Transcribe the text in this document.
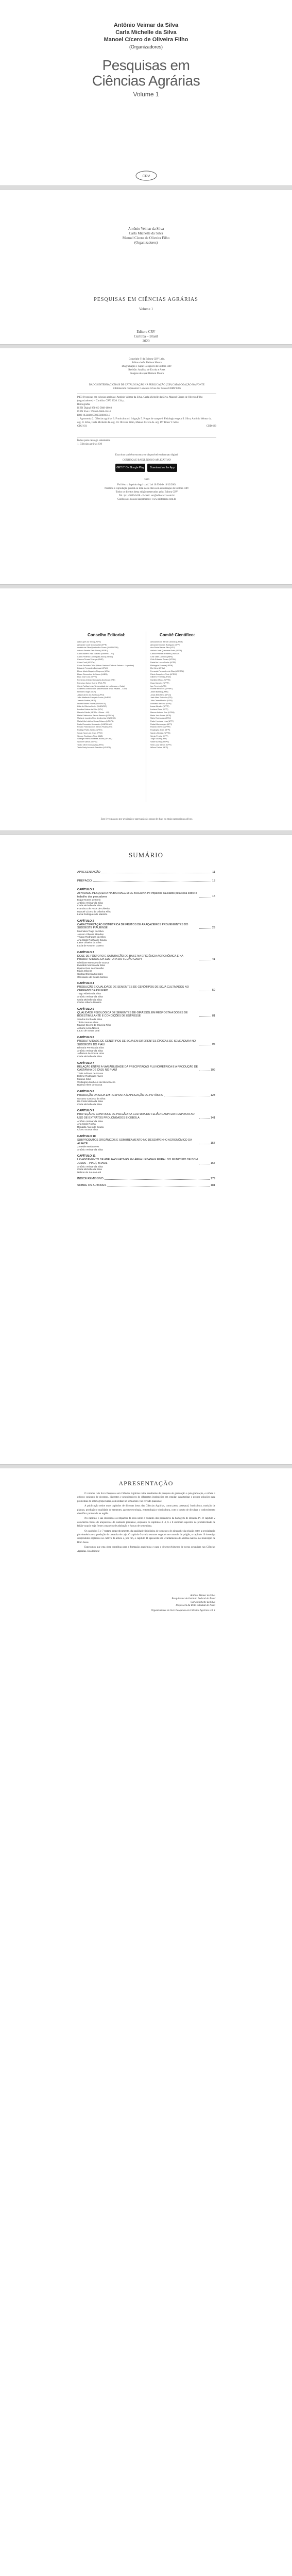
Antônio Veimar da Silva
Carla Michelle da Silva
Manoel Cícero de Oliveira Filho
(Organizadores)
Pesquisas em
Ciências Agrárias
Volume 1
CRV
Antônio Veimar da Silva
Carla Michelle da Silva
Manoel Cícero de Oliveira Filho
(Organizadores)
PESQUISAS EM CIÊNCIAS AGRÁRIAS
Volume 1
Editora CRV
Curitiba – Brasil
2020
Copyright © da Editora CRV Ltda.
Editor-chefe: Railson Moura
Diagramação e Capa: Designers da Editora CRV
Revisão: Analista de Escrita e Artes
Imagens de capa: Railson Moura
DADOS INTERNACIONAIS DE CATALOGAÇÃO NA PUBLICAÇÃO (CIP) CATALOGAÇÃO NA FONTE
Bibliotecária responsável: Luzenira Alves dos Santos CRB9/1506
P473 Pesquisas em ciências agrárias / Antônio Veimar da Silva, Carla Michelle da Silva, Manoel Cícero de Oliveira Filho (organizadores) – Curitiba: CRV, 2020. 134 p.
Bibliografia
ISBN Digital 978-65-5868-100-8
ISBN Físico 978-65-5868-101-5
DOI 10.24824/978655868101.5
1. Agronomia 2. Ciências agrárias 3. Fruticultura 4. Irrigação 5. Pragas de campo 6. Fisiologia vegetal I. Silva, Antônio Veimar da. org. II. Silva, Carla Michelle da. org. III. Oliveira Filho, Manoel Cícero de. org. IV. Título V. Série.
CDU 631	CDD 630
Índice para catálogo sistemático
1. Ciências agrárias 630
Esta obra também encontra-se disponível em formato digital.
CONHEÇA E BAIXE NOSSO APLICATIVO!
GET IT ON Google Play	Download on the App Store
2020
Foi feito o depósito legal conf. Lei 10.994 de 14/12/2004
Proibida a reprodução parcial ou total desta obra sem autorização da Editora CRV
Todos os direitos desta edição reservados pela: Editora CRV
Tel.: (41) 3039-6418 - E-mail: sac@editoracrv.com.br
Conheça os nossos lançamentos: www.editoracrv.com.br
Conselho Editorial:	Comitê Científico:
Aldo Lopes da Silva (UNIFE)
Alexandre José Schumacher (IFPR)
Andréia da Silva Quintanilha Sousa (UNIR/UFRN)
Antonio Pereira Gaio Júnior (UFRRJ)
Carlos Alberto Vilar Estêvão (UMINHO – PT)
Carlos Federico Dominguez Avila (Unieuro)
Carmen Tereza Velanga (UNIR)
Celso Conti (UFSCar)
Cesar Gerónimo Tello (Univer. Nacional Três de Febrero – Argentina)
Eduardo Fernandes Barbosa (UFMG)
Elione Maria Nogueira Diogenes (UFAL)
Elizeu Clementino de Souza (UNEB)
Élsio José Corá (UFFS)
Fernando Antônio Gonçalves Alcoforado (IPB)
Francisco Carlos Duarte (PUC-PR)
Gloria Fariñas León (Universidade de La Havana – Cuba)
Guillermo Arias Beatón (Universidade de La Havana – Cuba)
Helmuth Krüger (UCP)
Jailson Alves dos Santos (UFRJ)
João Adalberto Campato Junior (UNESP)
Josania Portela (UFPI)
Leonel Severo Rocha (UNISINOS)
Lídia de Oliveira Xavier (UNIEURO)
Lourdes Helena da Silva (UFV)
Marcelo Paixão (UFRJ e UTexas – US)
Maria Cristina dos Santos Bezerra (UFSCar)
Maria de Lourdes Pinto de Almeida (UNOESC)
Maria Lília Imbiriba Sousa Colares (UFOPA)
Paulo Romualdo Hernandes (UNIFAL-MG)
Renato Francisco dos Santos Paula (UFG)
Rodrigo Pratte-Santos (UFES)
Sérgio Nunes de Jesus (IFRO)
Simone Rodrigues Pinto (UNB)
Solange Helena Ximenes-Rocha (UFOPA)
Sydione Santos (UEPG)
Tadeu Oliver Gonçalves (UFPA)
Tania Suely Azevedo Brasileiro (UFOPA)
Alessandro de Barros Cândido (UFSM)
Alexandre Gomes Rodrigues (UFPI)
Ana Paula Bastos Silva (UFV)
Antônio José Quaresma Porto (UEPA)
Carlos Pimenta de Abreu (UNIFAP)
Ceci Sales-Campos (INPA)
Cirilo Eduardo Gomes (UFSM)
Daniel de Lucca Sachs (UFPR)
Elisângela Ferreira (UFRN)
Eloi Nery (UFSM)
Fernanda Fernandes da Silva (UFERSA)
Flávio Gonçalves Pinto (UFRRJ)
Gilberto Ferreira (UFSM)
Hamilton Moura (UFRN)
Hugo Carneiro (UFPR)
Igor Ferreira (UFPI)
Ivonete Menezes (UFRPE)
Jardel Batista (UFPB)
Jonas Brito Neto (UFCG)
José Alves Sobrinho (IFPI)
Júlio César Moreira (UFPI)
Leonardo da Silva (UFPI)
Lucas Mendes (UFPR)
Luciana Costa (UFPI)
Marcos Antonio Dias (UFSM)
Maria José Sousa (UFPI)
Mário Rodrigues (UFRN)
Paulo Henrique Lima (UFPI)
Rafael Montenegro (UFPI)
Ricardo Oliveira (UFPR)
Rosângela Alves (UFPI)
Sandro Almeida (UFRN)
Sérgio Pereira (UFPI)
Tiago Souza (UFPI)
Valdir Nunes (UFRPE)
Vera Lúcia Santos (UFPI)
Wilson Freitas (UFPI)
Este livro passou por avaliação e aprovação às cegas de duas ou mais pareceristas ad hoc.
SUMÁRIO
APRESENTAÇÃO	11
PREFÁCIO	13
CAPÍTULO 1
ATIVIDADE PESQUEIRA NA BARRAGEM DE BOCAINA-PI: impactos causados pela seca sobre o trabalho dos pescadores	15
Edgar Nunes de Melo
Antônio Veimar da Silva
Carla Michelle da Silva
Francisco de Assis de Oliveira
Manoel Cícero de Oliveira Filho
Lucia Rodrigues de Macêdo
CAPÍTULO 2
CARACTERIZAÇÃO BIOMÉTRICA DE FRUTOS DE ARAÇAZEIROS PROVENIENTES DO SUDOESTE PIAUIENSE	29
Marinalva Tiago da Silva
Joisson Oliveira Mendes
Thiago Rodrigues da Silva
Ana Carla Rocha de Sousa
Laine Oliveira da Silva
Lucia de Amorim Guerra
CAPÍTULO 3
DOSE DE FÓSFORO E SATURAÇÃO DE BASE NA EFICIÊNCIA AGRONÔMICA E NA PRODUTIVIDADE DA CULTURA DO FEIJÃO-CAUPI	41
Gleidiane Menezes de Sousa
Everaldo Moreira da Silva
Djalma Reis de Carvalho
Maria Oliveira
Cinthia Oliveira Mendes
Gleissiane de Sousa Santos
CAPÍTULO 4
PRODUÇÃO E QUALIDADE DE SEMENTES DE GENÓTIPOS DE SOJA CULTIVADOS NO CERRADO BRASILEIRO	59
Tiago Ribeiro da Silva
Antônio Veimar da Silva
Carla Michelle da Silva
Carlos Alberto Moreira
CAPÍTULO 5
QUALIDADE FISIOLÓGICA DE SEMENTES DE GIRASSOL EM RESPOSTA A DOSES DE BIOESTIMULANTE E CONDIÇÕES DE ESTRESSE	81
Sandra Rocha da Silva
Tácila Santos Alves
Manoel Cícero de Oliveira Filho
Adriane Lima Neves
Lauro de Sousa Leal
CAPÍTULO 6
PRODUTIVIDADE DE GENÓTIPOS DE SOJA EM DIFERENTES ÉPOCAS DE SEMEADURA NO SUDOESTE DO PIAUÍ	95
Dilmaria Pereira da Silva
Antônio Veimar da Silva
Jefferson de Sousa Lima
Carla Michelle da Silva
CAPÍTULO 7
RELAÇÃO ENTRE A VARIABILIDADE DA PRECIPITAÇÃO PLUVIOMÉTRICA E A PRODUÇÃO DE CASTANHA DE CAJU NO PIAUÍ	109
Thaís Adriana de Sousa
Edlene Rodrigues Alves
Mateus Silva
Wellington Matheus da Silva Rocha
Djalma Alves de Sousa
CAPÍTULO 8
PRODUÇÃO DA SOJA EM RESPOSTA À APLICAÇÃO DE POTÁSSIO	123
Gustavo Cardoso da Silva
Iza Carla Maria da Silva
Carla Michelle da Silva
CAPÍTULO 9
PROTEÇÃO E CONTROLE DE PULGÃO NA CULTURA DO FEIJÃO-CAUPI EM RESPOSTA AO USO DE EXTRATOS PROLONGADOS E CEBOLA	141
Antônio Veimar da Silva
Ana Carla Rocha
Ronaldo Alves de Sousa
Cícero Sousa Silva
CAPÍTULO 10
SUBPRODUTOS ORGÂNICOS E SOMBREAMENTO NO DESEMPENHO AGRONÔMICO DA ALFACE	157
Zeneide Maria Alves
Antônio Veimar da Silva
CAPÍTULO 11
LEVANTAMENTO DE ABELHAS NATIVAS EM ÁREA URBANA E RURAL DO MUNICÍPIO DE BOM JESUS – PIAUÍ, BRASIL	167
Antônio Veimar da Silva
Carla Michelle da Silva
Nelson de Sousa Leal
ÍNDICE REMISSIVO	179
SOBRE OS AUTORES	181
APRESENTAÇÃO

O volume I do livro Pesquisas em Ciências Agrárias reúne resultados de pesquisa de graduação e pós-graduação, e reflete o esforço conjunto de docentes, discentes e pesquisadores de diferentes instituições em estudar, caracterizar e propor soluções para problemas do setor agropecuário, com ênfase no semiárido e no cerrado piauiense.

A publicação reúne onze capítulos de diversas áreas das Ciências Agrárias, como pesca artesanal, fruticultura, nutrição de plantas, produção e qualidade de sementes, agrometeorologia, entomologia e olericultura, com o intuito de divulgar o conhecimento científico produzido na região.

No capítulo 1 são discutidos os impactos da seca sobre o trabalho dos pescadores da barragem de Bocaina-PI. O capítulo 2 caracteriza frutos de araçazeiros do sudoeste piauiense, enquanto os capítulos 3, 4, 6 e 8 abordam aspectos de produtividade de feijão-caupi e soja frente a manejos de adubação e épocas de semeadura.

Os capítulos 5 e 7 tratam, respectivamente, da qualidade fisiológica de sementes de girassol e da relação entre a precipitação pluviométrica e a produção de castanha de caju. O capítulo 9 avalia extratos vegetais no controle de pulgão, o capítulo 10 investiga subprodutos orgânicos no cultivo da alface e, por fim, o capítulo 11 apresenta um levantamento de abelhas nativas no município de Bom Jesus.

Esperamos que esta obra contribua para a formação acadêmica e para o desenvolvimento de novas pesquisas nas Ciências Agrárias. Boa leitura!

Antônio Veimar da Silva
Pesquisador do Instituto Federal do Piauí
Carla Michelle da Silva
Professora da Rede Estadual do Piauí
Organizadores do livro Pesquisas em Ciências Agrárias vol. 1
